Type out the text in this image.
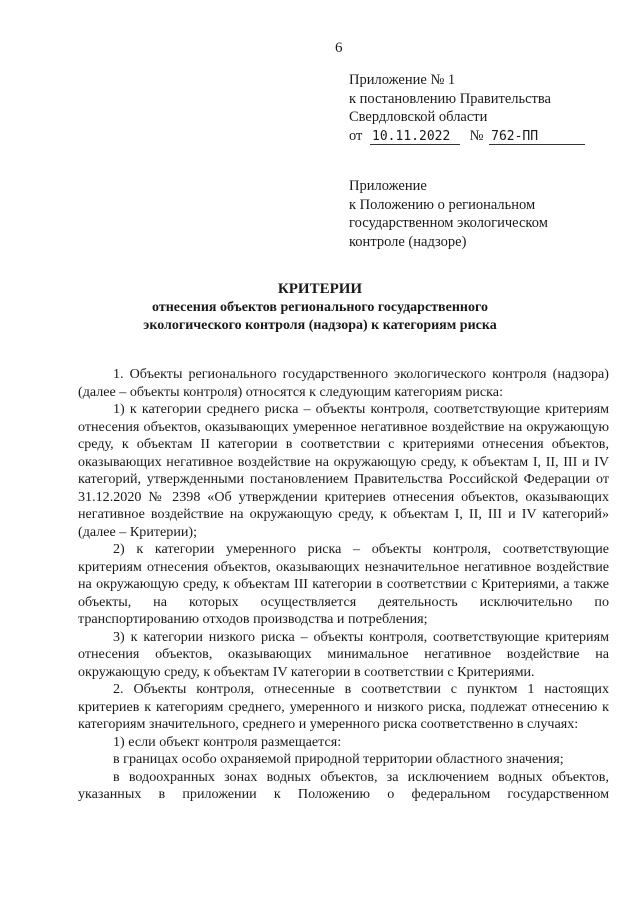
6
Приложение № 1
к постановлению Правительства
Свердловской области
от 10.11.2022 № 762-ПП
Приложение
к Положению о региональном
государственном экологическом
контроле (надзоре)
КРИТЕРИИ
отнесения объектов регионального государственного
экологического контроля (надзора) к категориям риска

1. Объекты регионального государственного экологического контроля (надзора) (далее – объекты контроля) относятся к следующим категориям риска:

1) к категории среднего риска – объекты контроля, соответствующие критериям отнесения объектов, оказывающих умеренное негативное воздействие на окружающую среду, к объектам II категории в соответствии с критериями отнесения объектов, оказывающих негативное воздействие на окружающую среду, к объектам I, II, III и IV категорий, утвержденными постановлением Правительства Российской Федерации от 31.12.2020 № 2398 «Об утверждении критериев отнесения объектов, оказывающих негативное воздействие на окружающую среду, к объектам I, II, III и IV категорий» (далее – Критерии);

2) к категории умеренного риска – объекты контроля, соответствующие критериям отнесения объектов, оказывающих незначительное негативное воздействие на окружающую среду, к объектам III категории в соответствии с Критериями, а также объекты, на которых осуществляется деятельность исключительно по транспортированию отходов производства и потребления;

3) к категории низкого риска – объекты контроля, соответствующие критериям отнесения объектов, оказывающих минимальное негативное воздействие на окружающую среду, к объектам IV категории в соответствии с Критериями.

2. Объекты контроля, отнесенные в соответствии с пунктом 1 настоящих критериев к категориям среднего, умеренного и низкого риска, подлежат отнесению к категориям значительного, среднего и умеренного риска соответственно в случаях:

1) если объект контроля размещается:

в границах особо охраняемой природной территории областного значения;

в водоохранных зонах водных объектов, за исключением водных объектов, указанных в приложении к Положению о федеральном государственном
